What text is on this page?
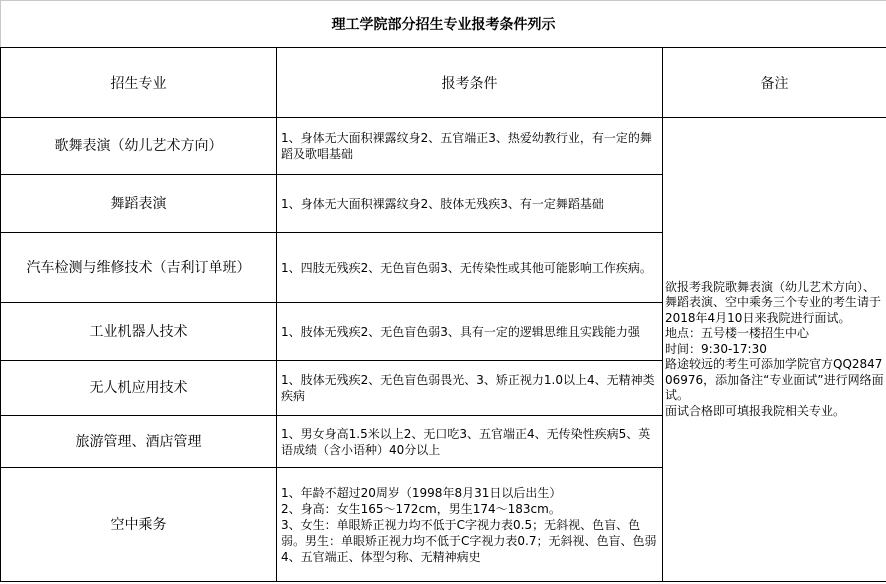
理工学院部分招生专业报考条件列示		
招生专业	报考条件	备注
歌舞表演（幼儿艺术方向）	1、身体无大面积裸露纹身2、五官端正3、热爱幼教行业，有一定的舞蹈及歌唱基础	欲报考我院歌舞表演（幼儿艺术方向）、舞蹈表演、空中乘务三个专业的考生请于2018年4月10日来我院进行面试。
地点：五号楼一楼招生中心
时间：9:30-17:30
路途较远的考生可添加学院官方QQ284706976，添加备注“专业面试”进行网络面试。
面试合格即可填报我院相关专业。

舞蹈表演	1、身体无大面积裸露纹身2、肢体无残疾3、有一定舞蹈基础	

汽车检测与维修技术（吉利订单班）	1、四肢无残疾2、无色盲色弱3、无传染性或其他可能影响工作疾病。	

工业机器人技术	1、肢体无残疾2、无色盲色弱3、具有一定的逻辑思维且实践能力强	

无人机应用技术	1、肢体无残疾2、无色盲色弱畏光、3、矫正视力1.0以上4、无精神类疾病	

旅游管理、酒店管理	1、男女身高1.5米以上2、无口吃3、五官端正4、无传染性疾病5、英语成绩（含小语种）40分以上	

空中乘务	1、年龄不超过20周岁（1998年8月31日以后出生）
2、身高：女生165～172cm，男生174～183cm。
3、女生：单眼矫正视力均不低于C字视力表0.5；无斜视、色盲、色弱。男生：单眼矫正视力均不低于C字视力表0.7；无斜视、色盲、色弱
4、五官端正、体型匀称、无精神病史	
